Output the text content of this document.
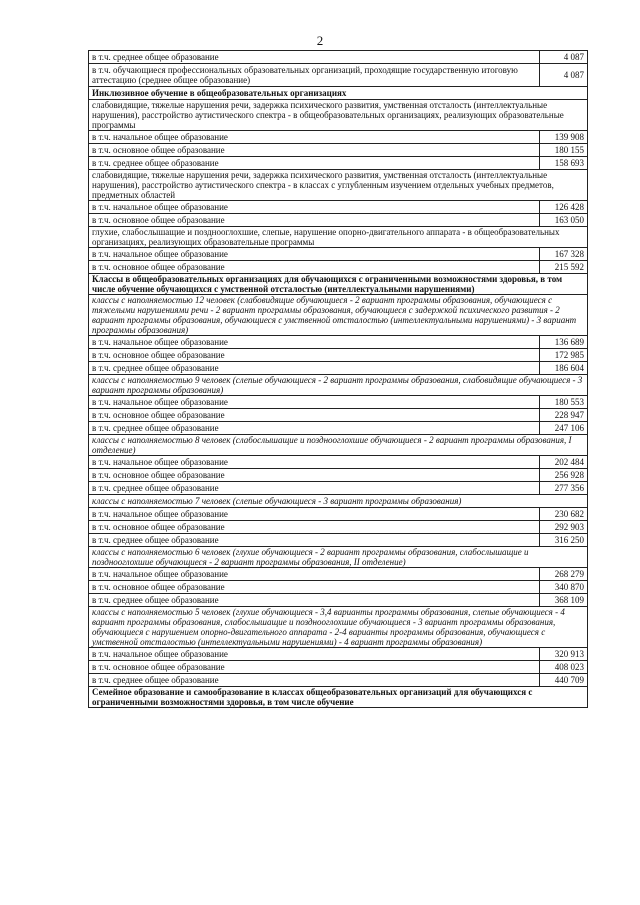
2
в т.ч. среднее общее образование	4 087
в т.ч. обучающиеся профессиональных образовательных организаций, проходящие государственную итоговую аттестацию (среднее общее образование)	4 087
Инклюзивное обучение в общеобразовательных организациях	
слабовидящие, тяжелые нарушения речи, задержка психического развития, умственная отсталость (интеллектуальные нарушения), расстройство аутистического спектра - в общеобразовательных организациях, реализующих образовательные программы	
в т.ч. начальное общее образование	139 908
в т.ч. основное общее образование	180 155
в т.ч. среднее общее образование	158 693
слабовидящие, тяжелые нарушения речи, задержка психического развития, умственная отсталость (интеллектуальные нарушения), расстройство аутистического спектра - в классах с углубленным изучением отдельных учебных предметов, предметных областей	
в т.ч. начальное общее образование	126 428
в т.ч. основное общее образование	163 050
глухие, слабослышащие и позднооглохшие, слепые, нарушение опорно-двигательного аппарата - в общеобразовательных организациях, реализующих образовательные программы	
в т.ч. начальное общее образование	167 328
в т.ч. основное общее образование	215 592
Классы в общеобразовательных организациях для обучающихся с ограниченными возможностями здоровья, в том числе обучение обучающихся с умственной отсталостью (интеллектуальными нарушениями)	
классы с наполняемостью 12 человек (слабовидящие обучающиеся - 2 вариант программы образования, обучающиеся с тяжелыми нарушениями речи - 2 вариант программы образования, обучающиеся с задержкой психического развития - 2 вариант программы образования, обучающиеся с умственной отсталостью (интеллектуальными нарушениями) - 3 вариант программы образования)	
в т.ч. начальное общее образование	136 689
в т.ч. основное общее образование	172 985
в т.ч. среднее общее образование	186 604
классы с наполняемостью 9 человек (слепые обучающиеся - 2 вариант программы образования, слабовидящие обучающиеся - 3 вариант программы образования)	
в т.ч. начальное общее образование	180 553
в т.ч. основное общее образование	228 947
в т.ч. среднее общее образование	247 106
классы с наполняемостью 8 человек (слабослышащие и позднооглохшие обучающиеся - 2 вариант программы образования, I отделение)	
в т.ч. начальное общее образование	202 484
в т.ч. основное общее образование	256 928
в т.ч. среднее общее образование	277 356
классы с наполняемостью 7 человек (слепые обучающиеся - 3 вариант программы образования)	
в т.ч. начальное общее образование	230 682
в т.ч. основное общее образование	292 903
в т.ч. среднее общее образование	316 250
классы с наполняемостью 6 человек (глухие обучающиеся - 2 вариант программы образования, слабослышащие и позднооглохшие обучающиеся - 2 вариант программы образования, II отделение)	
в т.ч. начальное общее образование	268 279
в т.ч. основное общее образование	340 870
в т.ч. среднее общее образование	368 109
классы с наполняемостью 5 человек (глухие обучающиеся - 3,4 варианты программы образования, слепые обучающиеся - 4 вариант программы образования, слабослышащие и позднооглохшие обучающиеся - 3 вариант программы образования, обучающиеся с нарушением опорно-двигательного аппарата - 2-4 варианты программы образования, обучающиеся с умственной отсталостью (интеллектуальными нарушениями) - 4 вариант программы образования)	
в т.ч. начальное общее образование	320 913
в т.ч. основное общее образование	408 023
в т.ч. среднее общее образование	440 709
Семейное образование и самообразование в классах общеобразовательных организаций для обучающихся с ограниченными возможностями здоровья, в том числе обучение	
